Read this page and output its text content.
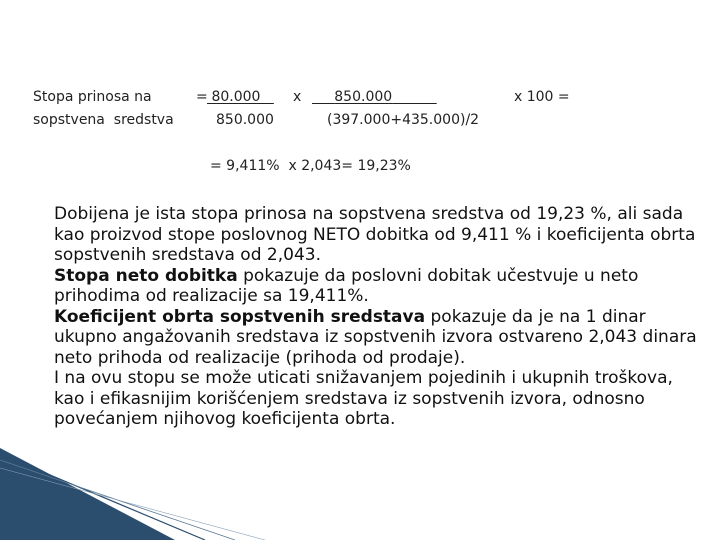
Stopa prinosa na
sopstvena  sredstva
= 80.000
850.000
x	850.000
(397.000+435.000)/2
x 100 =
= 9,411%  x 2,043= 19,23%
Dobijena je ista stopa prinosa na sopstvena sredstva od 19,23 %, ali sada kao proizvod stope poslovnog NETO dobitka od 9,411 % i koeficijenta obrta sopstvenih sredstava od 2,043.
Stopa neto dobitka pokazuje da poslovni dobitak učestvuje u neto prihodima od realizacije sa 19,411%.
Koeficijent obrta sopstvenih sredstava pokazuje da je na 1 dinar ukupno angažovanih sredstava iz sopstvenih izvora ostvareno 2,043 dinara neto prihoda od realizacije (prihoda od prodaje).
I na ovu stopu se može uticati snižavanjem pojedinih i ukupnih troškova, kao i efikasnijim korišćenjem sredstava iz sopstvenih izvora, odnosno povećanjem njihovog koeficijenta obrta.
